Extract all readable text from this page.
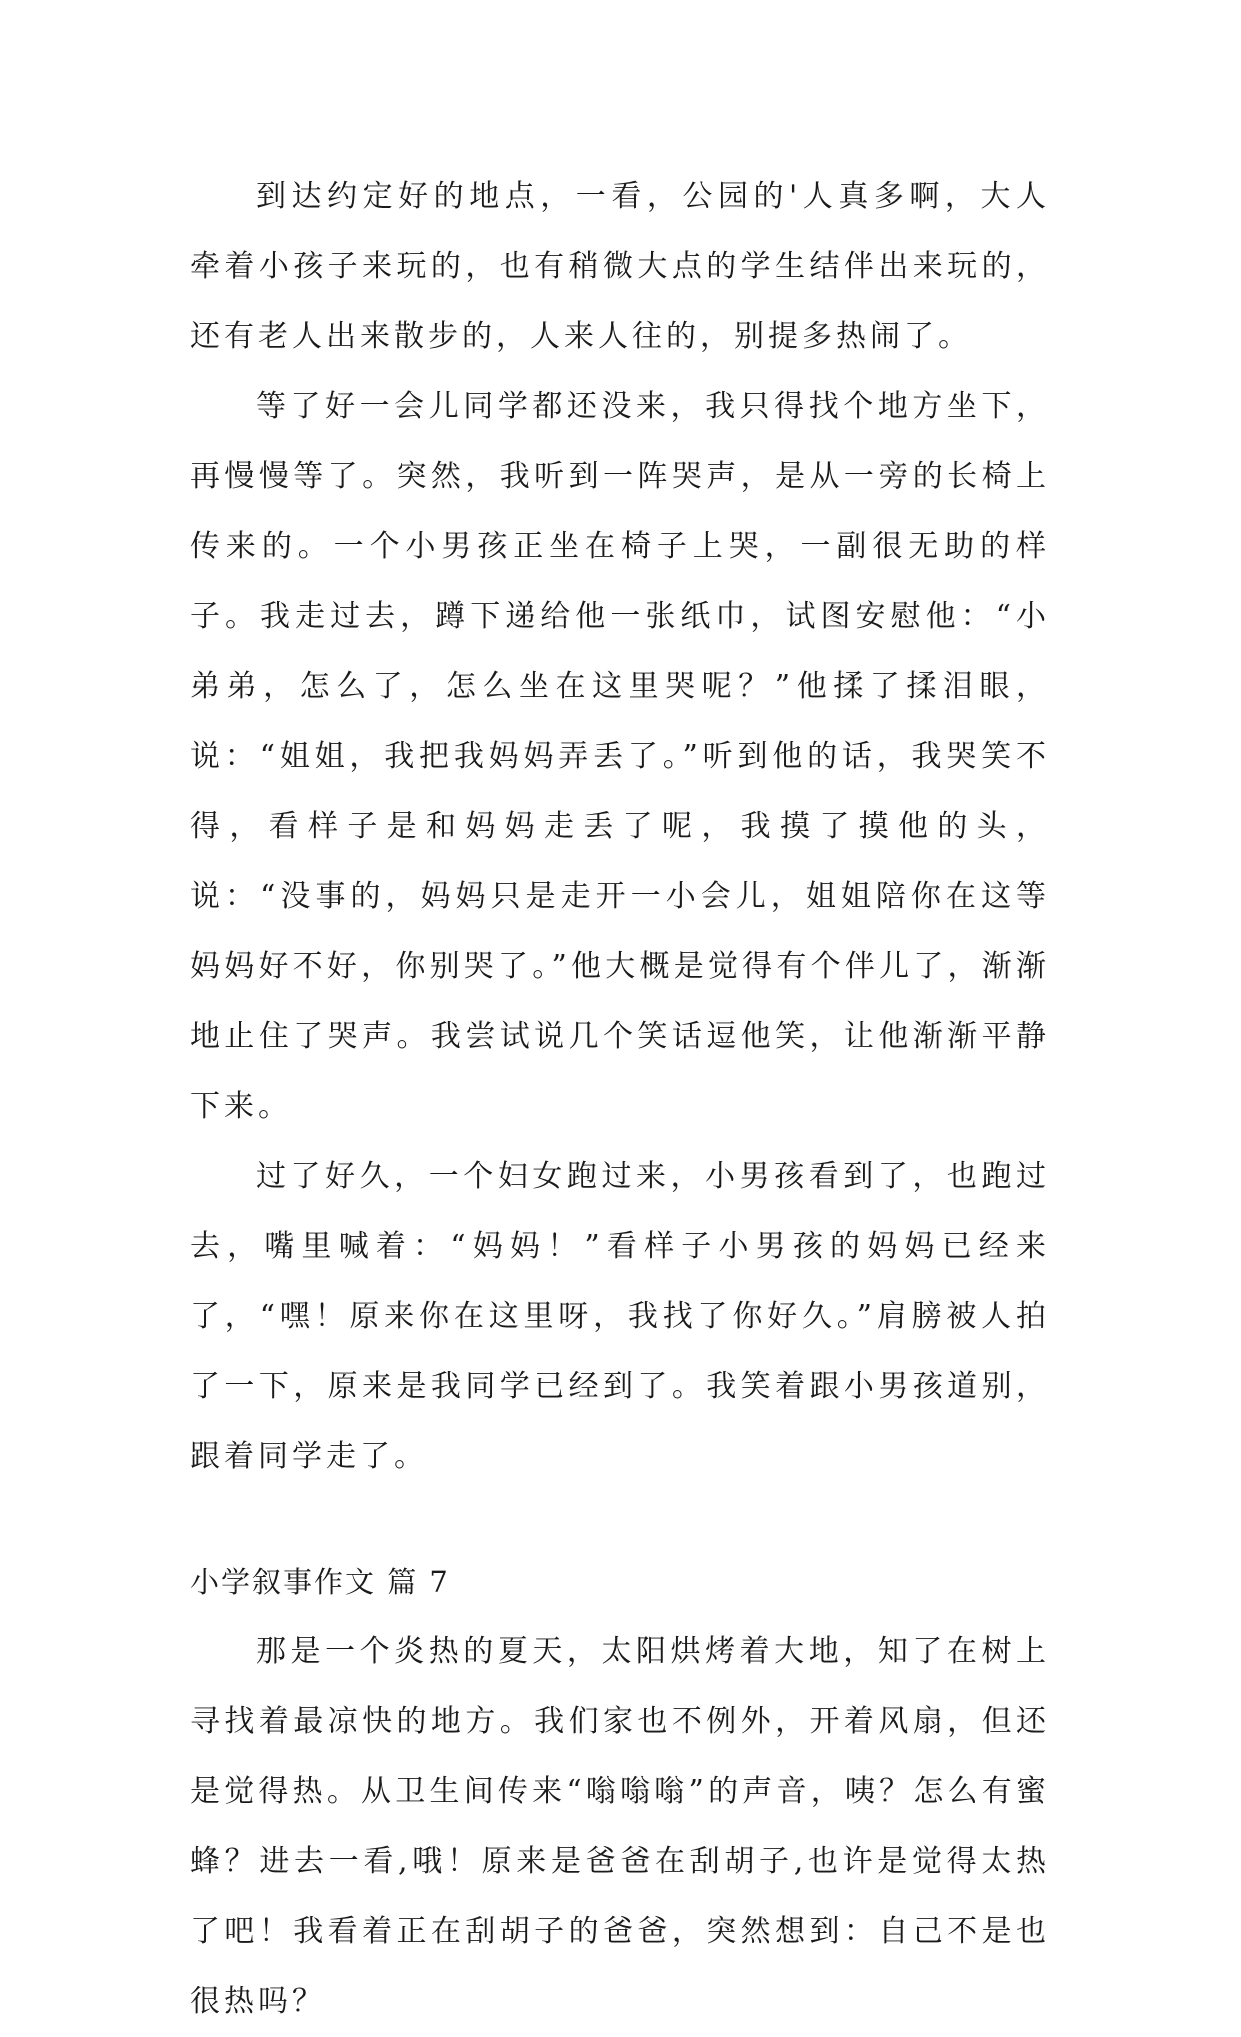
到达约定好的地点，一看，公园的'人真多啊，大人牵着小孩子来玩的，也有稍微大点的学生结伴出来玩的，还有老人出来散步的，人来人往的，别提多热闹了。

等了好一会儿同学都还没来，我只得找个地方坐下，再慢慢等了。突然，我听到一阵哭声，是从一旁的长椅上传来的。一个小男孩正坐在椅子上哭，一副很无助的样子。我走过去，蹲下递给他一张纸巾，试图安慰他：“小弟弟，怎么了，怎么坐在这里哭呢？”他揉了揉泪眼，说：“姐姐，我把我妈妈弄丢了。”听到他的话，我哭笑不得，看样子是和妈妈走丢了呢，我摸了摸他的头，说：“没事的，妈妈只是走开一小会儿，姐姐陪你在这等妈妈好不好，你别哭了。”他大概是觉得有个伴儿了，渐渐地止住了哭声。我尝试说几个笑话逗他笑，让他渐渐平静下来。

过了好久，一个妇女跑过来，小男孩看到了，也跑过去，嘴里喊着：“妈妈！”看样子小男孩的妈妈已经来了，“嘿！原来你在这里呀，我找了你好久。”肩膀被人拍了一下，原来是我同学已经到了。我笑着跟小男孩道别，跟着同学走了。

小学叙事作文 篇 7

那是一个炎热的夏天，太阳烘烤着大地，知了在树上寻找着最凉快的地方。我们家也不例外，开着风扇，但还是觉得热。从卫生间传来“嗡嗡嗡”的声音，咦？怎么有蜜蜂？进去一看,哦！原来是爸爸在刮胡子,也许是觉得太热了吧！我看着正在刮胡子的爸爸，突然想到：自己不是也很热吗？
